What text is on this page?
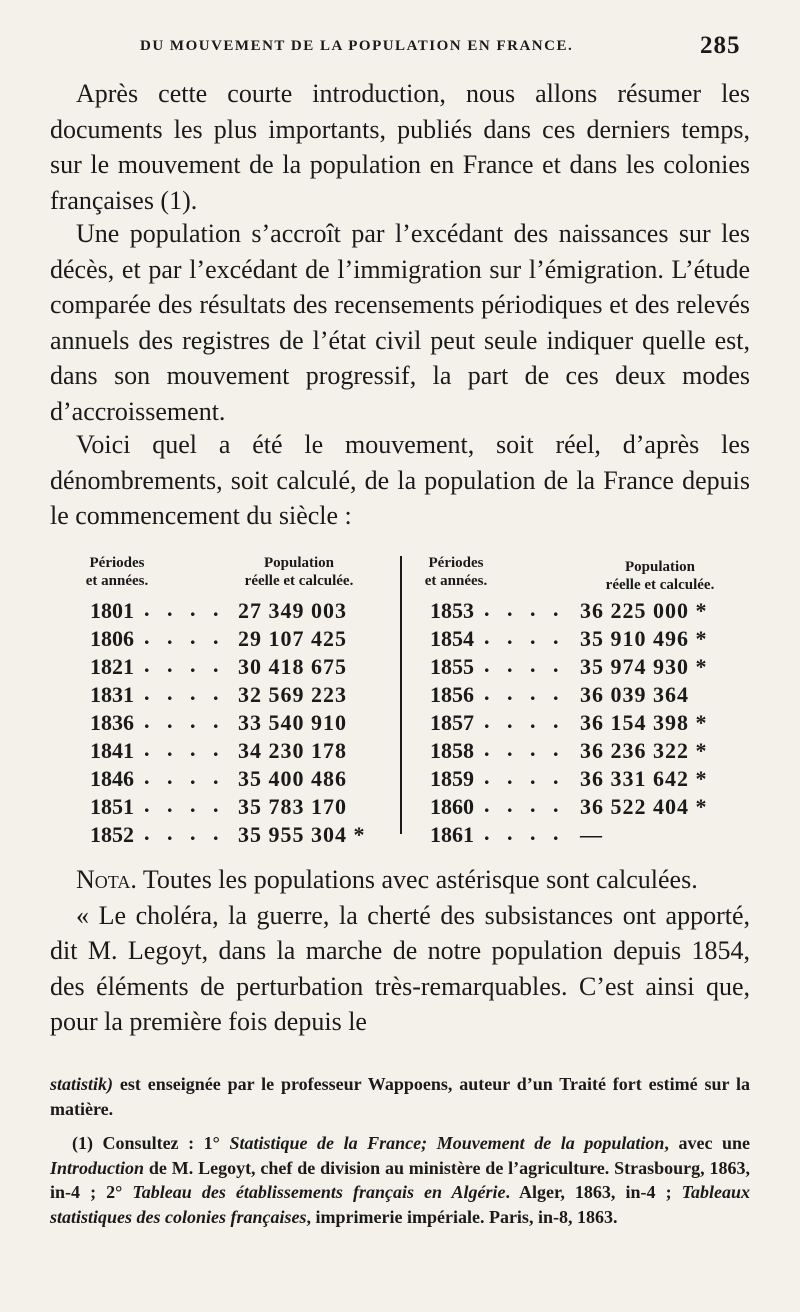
DU MOUVEMENT DE LA POPULATION EN FRANCE.	285

Après cette courte introduction, nous allons résumer les documents les plus importants, publiés dans ces derniers temps, sur le mouvement de la population en France et dans les colonies françaises (1).

Une population s’accroît par l’excédant des naissances sur les décès, et par l’excédant de l’immigration sur l’émigration. L’étude comparée des résultats des recensements périodiques et des relevés annuels des registres de l’état civil peut seule indiquer quelle est, dans son mouvement progressif, la part de ces deux modes d’accroissement.

Voici quel a été le mouvement, soit réel, d’après les dénombrements, soit calculé, de la population de la France depuis le commencement du siècle :

Périodes
et années.
Population
réelle et calculée.
1801 . . . . 27 349 003
1806 . . . . 29 107 425
1821 . . . . 30 418 675
1831 . . . . 32 569 223
1836 . . . . 33 540 910
1841 . . . . 34 230 178
1846 . . . . 35 400 486
1851 . . . . 35 783 170
1852 . . . . 35 955 304 *
Périodes
et années.
Population
réelle et calculée.
1853 . . . . 36 225 000 *
1854 . . . . 35 910 496 *
1855 . . . . 35 974 930 *
1856 . . . . 36 039 364
1857 . . . . 36 154 398 *
1858 . . . . 36 236 322 *
1859 . . . . 36 331 642 *
1860 . . . . 36 522 404 *
1861 . . . . —

Nota. Toutes les populations avec astérisque sont calculées.

« Le choléra, la guerre, la cherté des subsistances ont apporté, dit M. Legoyt, dans la marche de notre population depuis 1854, des éléments de perturbation très-remarquables. C’est ainsi que, pour la première fois depuis le

statistik) est enseignée par le professeur Wappoens, auteur d’un Traité fort estimé sur la matière.

(1) Consultez : 1° Statistique de la France; Mouvement de la population, avec une Introduction de M. Legoyt, chef de division au ministère de l’agriculture. Strasbourg, 1863, in-4 ; 2° Tableau des établissements français en Algérie. Alger, 1863, in-4 ; Tableaux statistiques des colonies françaises, imprimerie impériale. Paris, in-8, 1863.
